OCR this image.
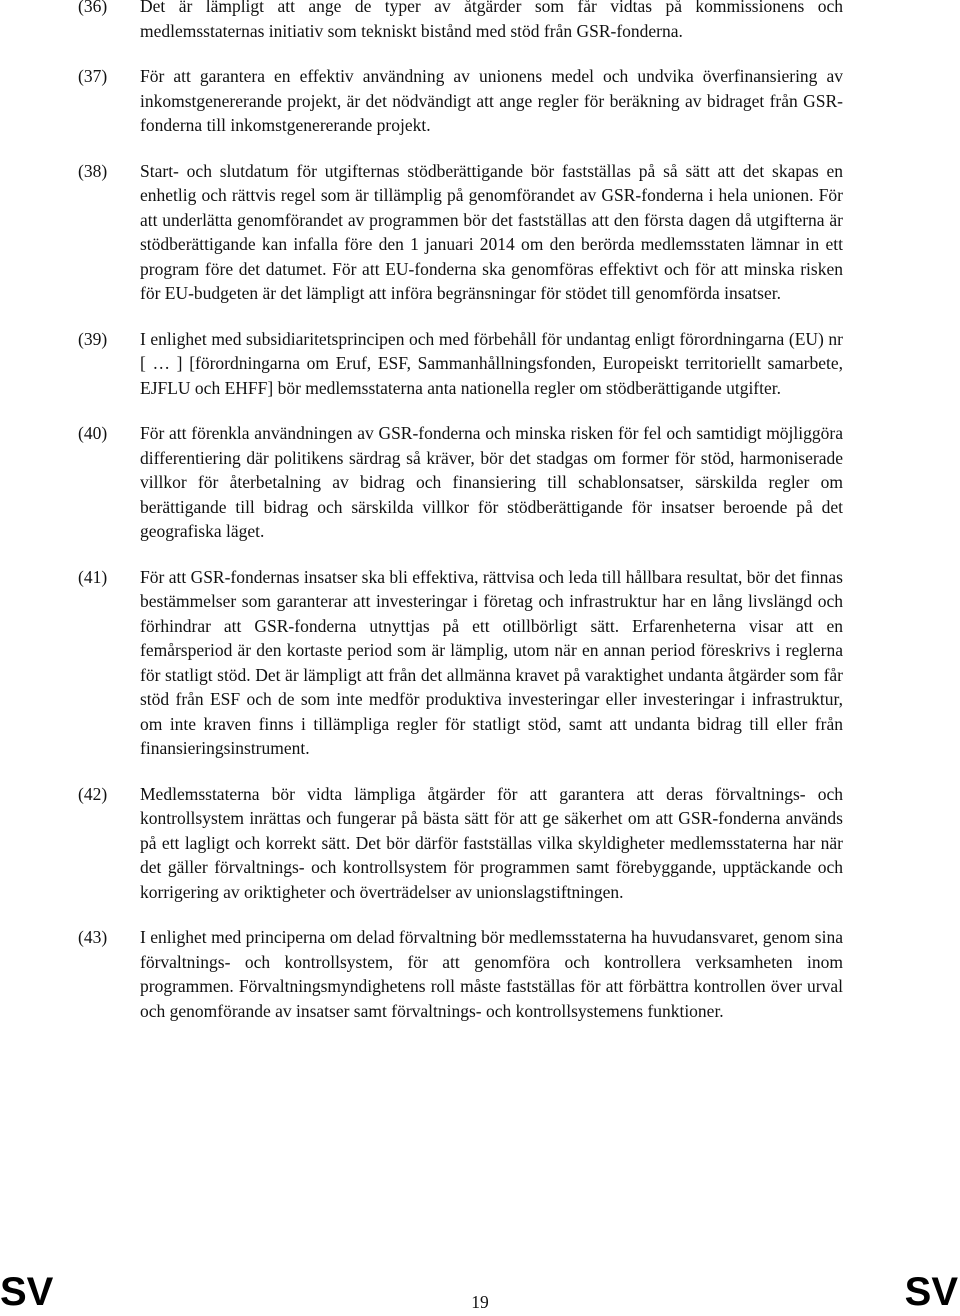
(36)	Det är lämpligt att ange de typer av åtgärder som får vidtas på kommissionens och medlemsstaternas initiativ som tekniskt bistånd med stöd från GSR-fonderna.

(37)	För att garantera en effektiv användning av unionens medel och undvika överfinansiering av inkomstgenererande projekt, är det nödvändigt att ange regler för beräkning av bidraget från GSR-fonderna till inkomstgenererande projekt.

(38)	Start- och slutdatum för utgifternas stödberättigande bör fastställas på så sätt att det skapas en enhetlig och rättvis regel som är tillämplig på genomförandet av GSR-fonderna i hela unionen. För att underlätta genomförandet av programmen bör det fastställas att den första dagen då utgifterna är stödberättigande kan infalla före den 1 januari 2014 om den berörda medlemsstaten lämnar in ett program före det datumet. För att EU-fonderna ska genomföras effektivt och för att minska risken för EU-budgeten är det lämpligt att införa begränsningar för stödet till genomförda insatser.

(39)	I enlighet med subsidiaritetsprincipen och med förbehåll för undantag enligt förordningarna (EU) nr [ … ] [förordningarna om Eruf, ESF, Sammanhållningsfonden, Europeiskt territoriellt samarbete, EJFLU och EHFF] bör medlemsstaterna anta nationella regler om stödberättigande utgifter.

(40)	För att förenkla användningen av GSR-fonderna och minska risken för fel och samtidigt möjliggöra differentiering där politikens särdrag så kräver, bör det stadgas om former för stöd, harmoniserade villkor för återbetalning av bidrag och finansiering till schablonsatser, särskilda regler om berättigande till bidrag och särskilda villkor för stödberättigande för insatser beroende på det geografiska läget.

(41)	För att GSR-fondernas insatser ska bli effektiva, rättvisa och leda till hållbara resultat, bör det finnas bestämmelser som garanterar att investeringar i företag och infrastruktur har en lång livslängd och förhindrar att GSR-fonderna utnyttjas på ett otillbörligt sätt. Erfarenheterna visar att en femårsperiod är den kortaste period som är lämplig, utom när en annan period föreskrivs i reglerna för statligt stöd. Det är lämpligt att från det allmänna kravet på varaktighet undanta åtgärder som får stöd från ESF och de som inte medför produktiva investeringar eller investeringar i infrastruktur, om inte kraven finns i tillämpliga regler för statligt stöd, samt att undanta bidrag till eller från finansieringsinstrument.

(42)	Medlemsstaterna bör vidta lämpliga åtgärder för att garantera att deras förvaltnings- och kontrollsystem inrättas och fungerar på bästa sätt för att ge säkerhet om att GSR-fonderna används på ett lagligt och korrekt sätt. Det bör därför fastställas vilka skyldigheter medlemsstaterna har när det gäller förvaltnings- och kontrollsystem för programmen samt förebyggande, upptäckande och korrigering av oriktigheter och överträdelser av unionslagstiftningen.

(43)	I enlighet med principerna om delad förvaltning bör medlemsstaterna ha huvudansvaret, genom sina förvaltnings- och kontrollsystem, för att genomföra och kontrollera verksamheten inom programmen. Förvaltningsmyndighetens roll måste fastställas för att förbättra kontrollen över urval och genomförande av insatser samt förvaltnings- och kontrollsystemens funktioner.

SV	19	SV
